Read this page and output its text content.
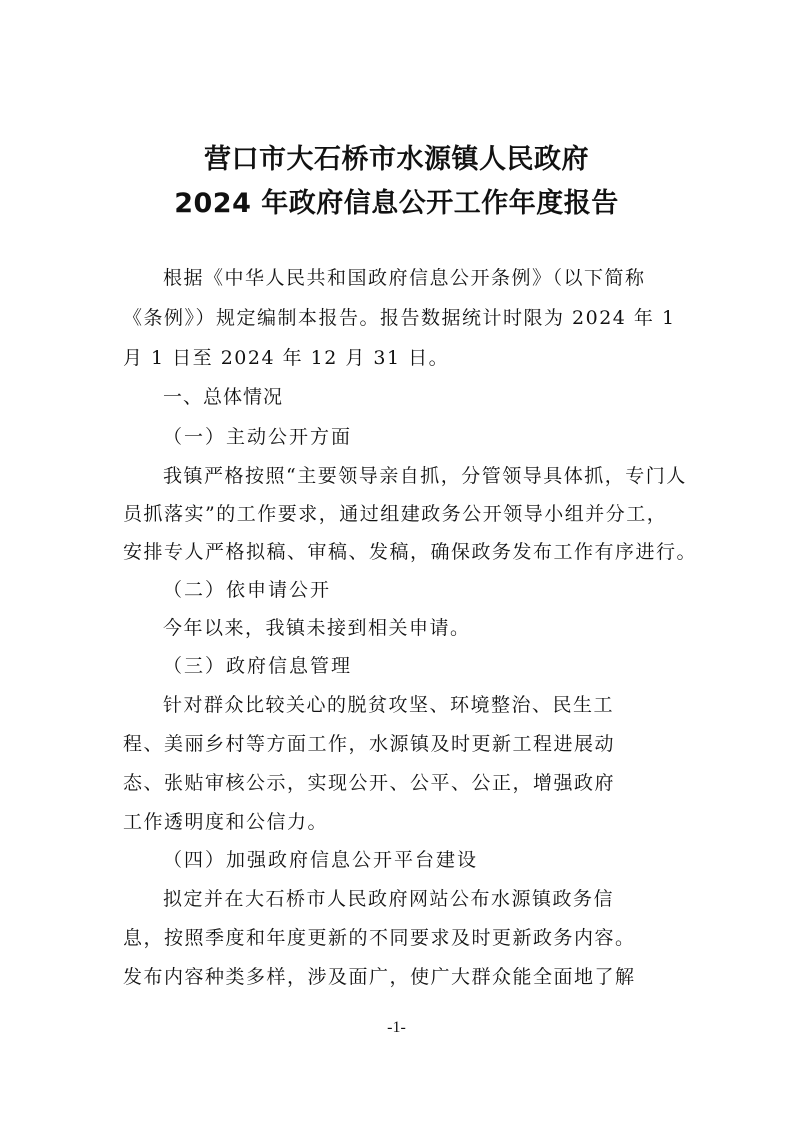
营口市大石桥市水源镇人民政府
2024 年政府信息公开工作年度报告

根据《中华人民共和国政府信息公开条例》（以下简称

《条例》）规定编制本报告。报告数据统计时限为 2024 年 1

月 1 日至 2024 年 12 月 31 日。

一、总体情况

（一）主动公开方面

我镇严格按照“主要领导亲自抓，分管领导具体抓，专门人

员抓落实”的工作要求，通过组建政务公开领导小组并分工，

安排专人严格拟稿、审稿、发稿，确保政务发布工作有序进行。

（二）依申请公开

今年以来，我镇未接到相关申请。

（三）政府信息管理

针对群众比较关心的脱贫攻坚、环境整治、民生工

程、美丽乡村等方面工作，水源镇及时更新工程进展动

态、张贴审核公示，实现公开、公平、公正，增强政府

工作透明度和公信力。

（四）加强政府信息公开平台建设

拟定并在大石桥市人民政府网站公布水源镇政务信

息，按照季度和年度更新的不同要求及时更新政务内容。

发布内容种类多样，涉及面广，使广大群众能全面地了解

-1-
